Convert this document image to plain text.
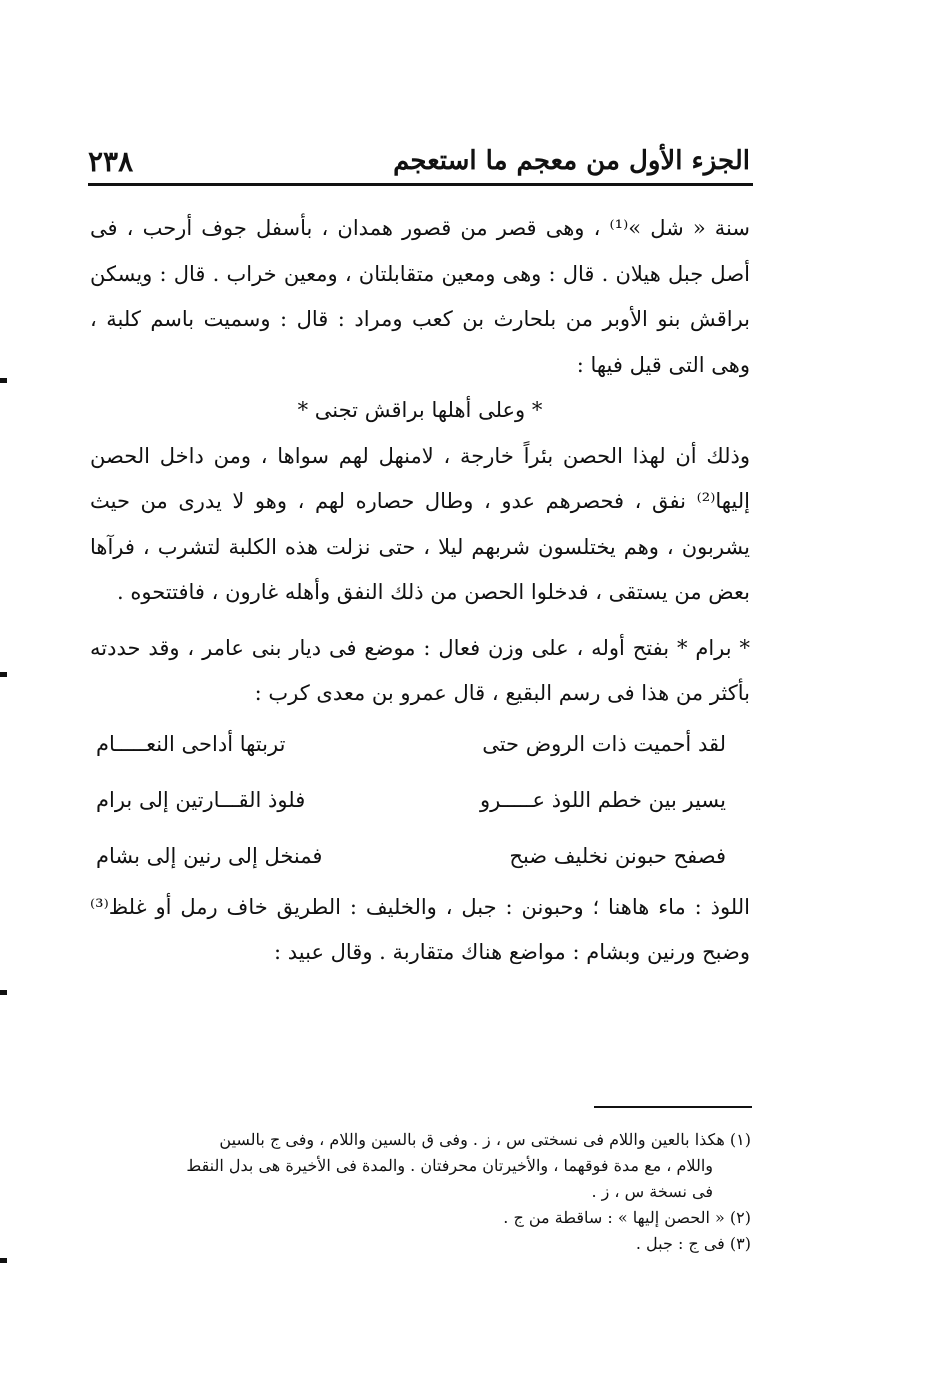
٢٣٨	الجزء الأول من معجم ما استعجم

سنة « شل »⁽¹⁾ ، وهى قصر من قصور همدان ، بأسفل جوف أرحب ، فى أصل جبل هيلان . قال : وهى ومعين متقابلتان ، ومعين خراب . قال : ويسكن براقش بنو الأوبر من بلحارث بن كعب ومراد : قال : وسميت باسم كلبة ، وهى التى قيل فيها :

* وعلى أهلها براقش تجنى *

وذلك أن لهذا الحصن بئراً خارجة ، لامنهل لهم سواها ، ومن داخل الحصن إليها⁽²⁾ نفق ، فحصرهم عدو ، وطال حصاره لهم ، وهو لا يدرى من حيث يشربون ، وهم يختلسون شربهم ليلا ، حتى نزلت هذه الكلبة لتشرب ، فرآها بعض من يستقى ، فدخلوا الحصن من ذلك النفق وأهله غارون ، فافتتحوه .

* برام * بفتح أوله ، على وزن فعال : موضع فى ديار بنى عامر ، وقد حددته بأكثر من هذا فى رسم البقيع ، قال عمرو بن معدى كرب :

لقد أحميت ذات الروض حتى
تربتها أداحى النعـــــام
يسير بين خطم اللوذ عـــــرو
فلوذ القـــارتين إلى برام
فصفح حبونن نخليف ضبح
فمنخل إلى رنين إلى بشام

اللوذ : ماء هاهنا ؛ وحبونن : جبل ، والخليف : الطريق خاف رمل أو غلظ⁽³⁾ وضبح ورنين وبشام : مواضع هناك متقاربة . وقال عبيد :

(١) هكذا بالعين واللام فى نسختى س ، ز . وفى ق بالسين واللام ، وفى ج بالسين

واللام ، مع مدة فوقهما ، والأخيرتان محرفتان . والمدة فى الأخيرة هى بدل النقط

فى نسخة س ، ز .

(٢) « الحصن إليها » : ساقطة من ج .

(٣) فى ج : جبل .
